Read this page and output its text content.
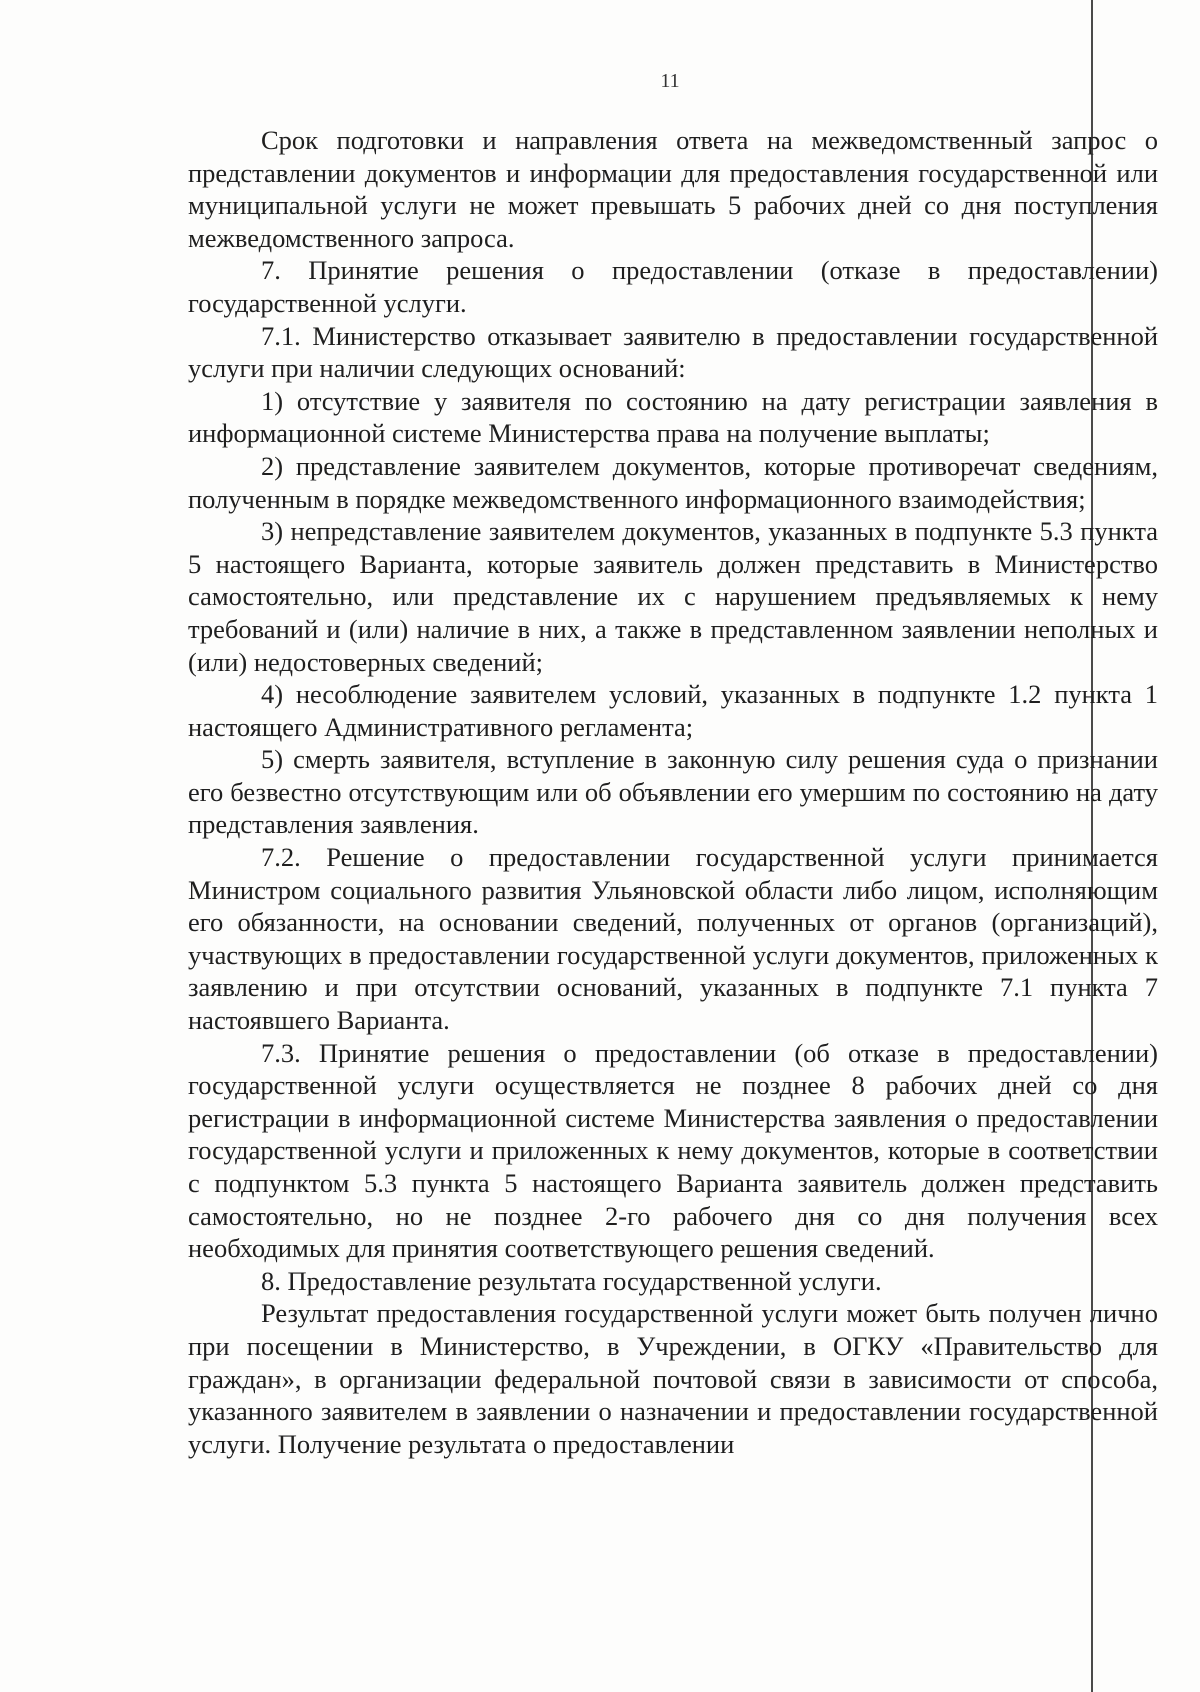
11

Срок подготовки и направления ответа на межведомственный запрос о представлении документов и информации для предоставления государственной или муниципальной услуги не может превышать 5 рабочих дней со дня поступления межведомственного запроса.

7. Принятие решения о предоставлении (отказе в предоставлении) государственной услуги.

7.1. Министерство отказывает заявителю в предоставлении государственной услуги при наличии следующих оснований:

1) отсутствие у заявителя по состоянию на дату регистрации заявления в информационной системе Министерства права на получение выплаты;

2) представление заявителем документов, которые противоречат сведениям, полученным в порядке межведомственного информационного взаимодействия;

3) непредставление заявителем документов, указанных в подпункте 5.3 пункта 5 настоящего Варианта, которые заявитель должен представить в Министерство самостоятельно, или представление их с нарушением предъявляемых к нему требований и (или) наличие в них, а также в представленном заявлении неполных и (или) недостоверных сведений;

4) несоблюдение заявителем условий, указанных в подпункте 1.2 пункта 1 настоящего Административного регламента;

5) смерть заявителя, вступление в законную силу решения суда о признании его безвестно отсутствующим или об объявлении его умершим по состоянию на дату представления заявления.

7.2. Решение о предоставлении государственной услуги принимается Министром социального развития Ульяновской области либо лицом, исполняющим его обязанности, на основании сведений, полученных от органов (организаций), участвующих в предоставлении государственной услуги документов, приложенных к заявлению и при отсутствии оснований, указанных в подпункте 7.1 пункта 7 настоявшего Варианта.

7.3. Принятие решения о предоставлении (об отказе в предоставлении) государственной услуги осуществляется не позднее 8 рабочих дней со дня регистрации в информационной системе Министерства заявления о предоставлении государственной услуги и приложенных к нему документов, которые в соответствии с подпунктом 5.3 пункта 5 настоящего Варианта заявитель должен представить самостоятельно, но не позднее 2-го рабочего дня со дня получения всех необходимых для принятия соответствующего решения сведений.

8. Предоставление результата государственной услуги.

Результат предоставления государственной услуги может быть получен лично при посещении в Министерство, в Учреждении, в ОГКУ «Правительство для граждан», в организации федеральной почтовой связи в зависимости от способа, указанного заявителем в заявлении о назначении и предоставлении государственной услуги. Получение результата о предоставлении
